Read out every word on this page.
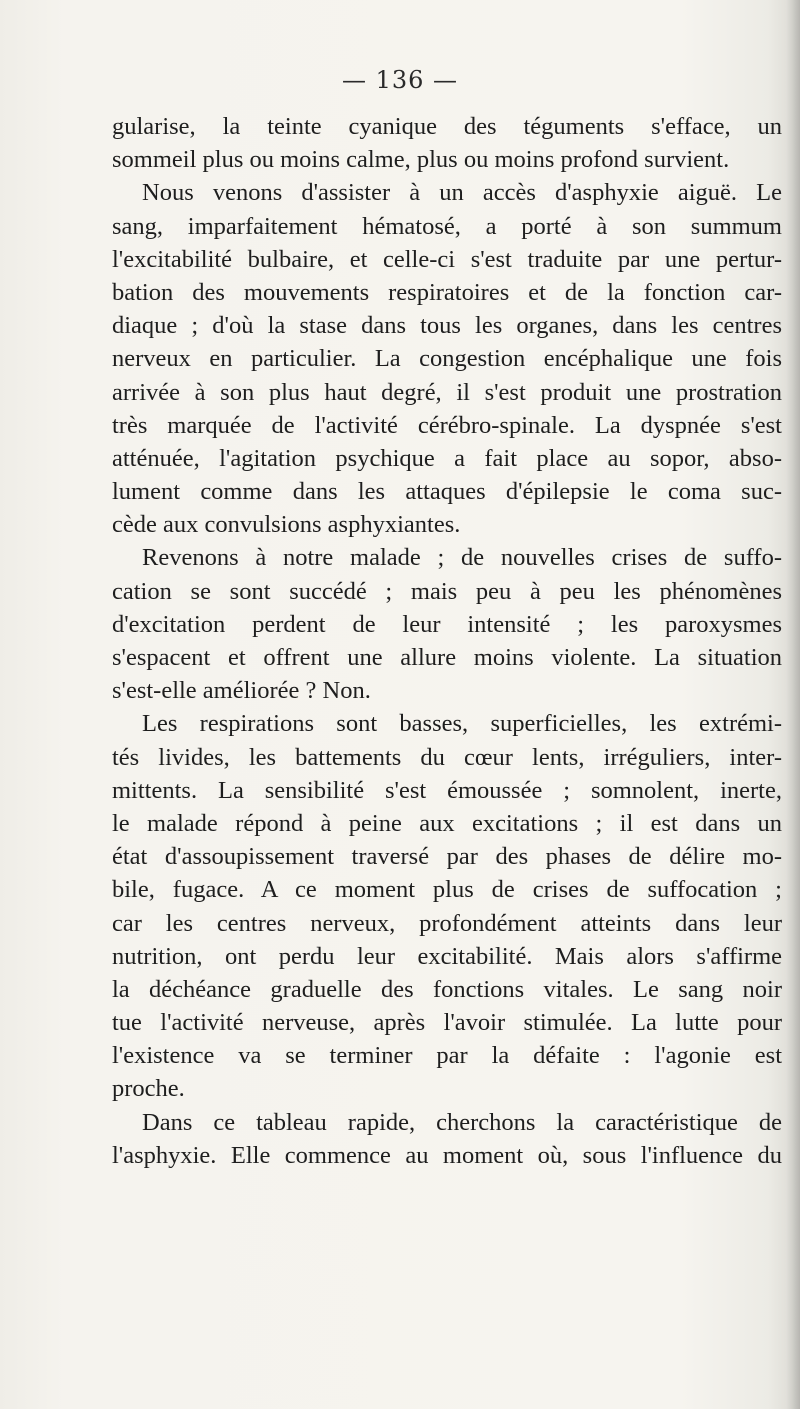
— 136 —
gularise, la teinte cyanique des téguments s'efface, un
sommeil plus ou moins calme, plus ou moins profond survient.
Nous venons d'assister à un accès d'asphyxie aiguë. Le
sang, imparfaitement hématosé, a porté à son summum
l'excitabilité bulbaire, et celle-ci s'est traduite par une pertur-
bation des mouvements respiratoires et de la fonction car-
diaque ; d'où la stase dans tous les organes, dans les centres
nerveux en particulier. La congestion encéphalique une fois
arrivée à son plus haut degré, il s'est produit une prostration
très marquée de l'activité cérébro-spinale. La dyspnée s'est
atténuée, l'agitation psychique a fait place au sopor, abso-
lument comme dans les attaques d'épilepsie le coma suc-
cède aux convulsions asphyxiantes.
Revenons à notre malade ; de nouvelles crises de suffo-
cation se sont succédé ; mais peu à peu les phénomènes
d'excitation perdent de leur intensité ; les paroxysmes
s'espacent et offrent une allure moins violente. La situation
s'est-elle améliorée ? Non.
Les respirations sont basses, superficielles, les extrémi-
tés livides, les battements du cœur lents, irréguliers, inter-
mittents. La sensibilité s'est émoussée ; somnolent, inerte,
le malade répond à peine aux excitations ; il est dans un
état d'assoupissement traversé par des phases de délire mo-
bile, fugace. A ce moment plus de crises de suffocation ;
car les centres nerveux, profondément atteints dans leur
nutrition, ont perdu leur excitabilité. Mais alors s'affirme
la déchéance graduelle des fonctions vitales. Le sang noir
tue l'activité nerveuse, après l'avoir stimulée. La lutte pour
l'existence va se terminer par la défaite : l'agonie est
proche.
Dans ce tableau rapide, cherchons la caractéristique de
l'asphyxie. Elle commence au moment où, sous l'influence du
